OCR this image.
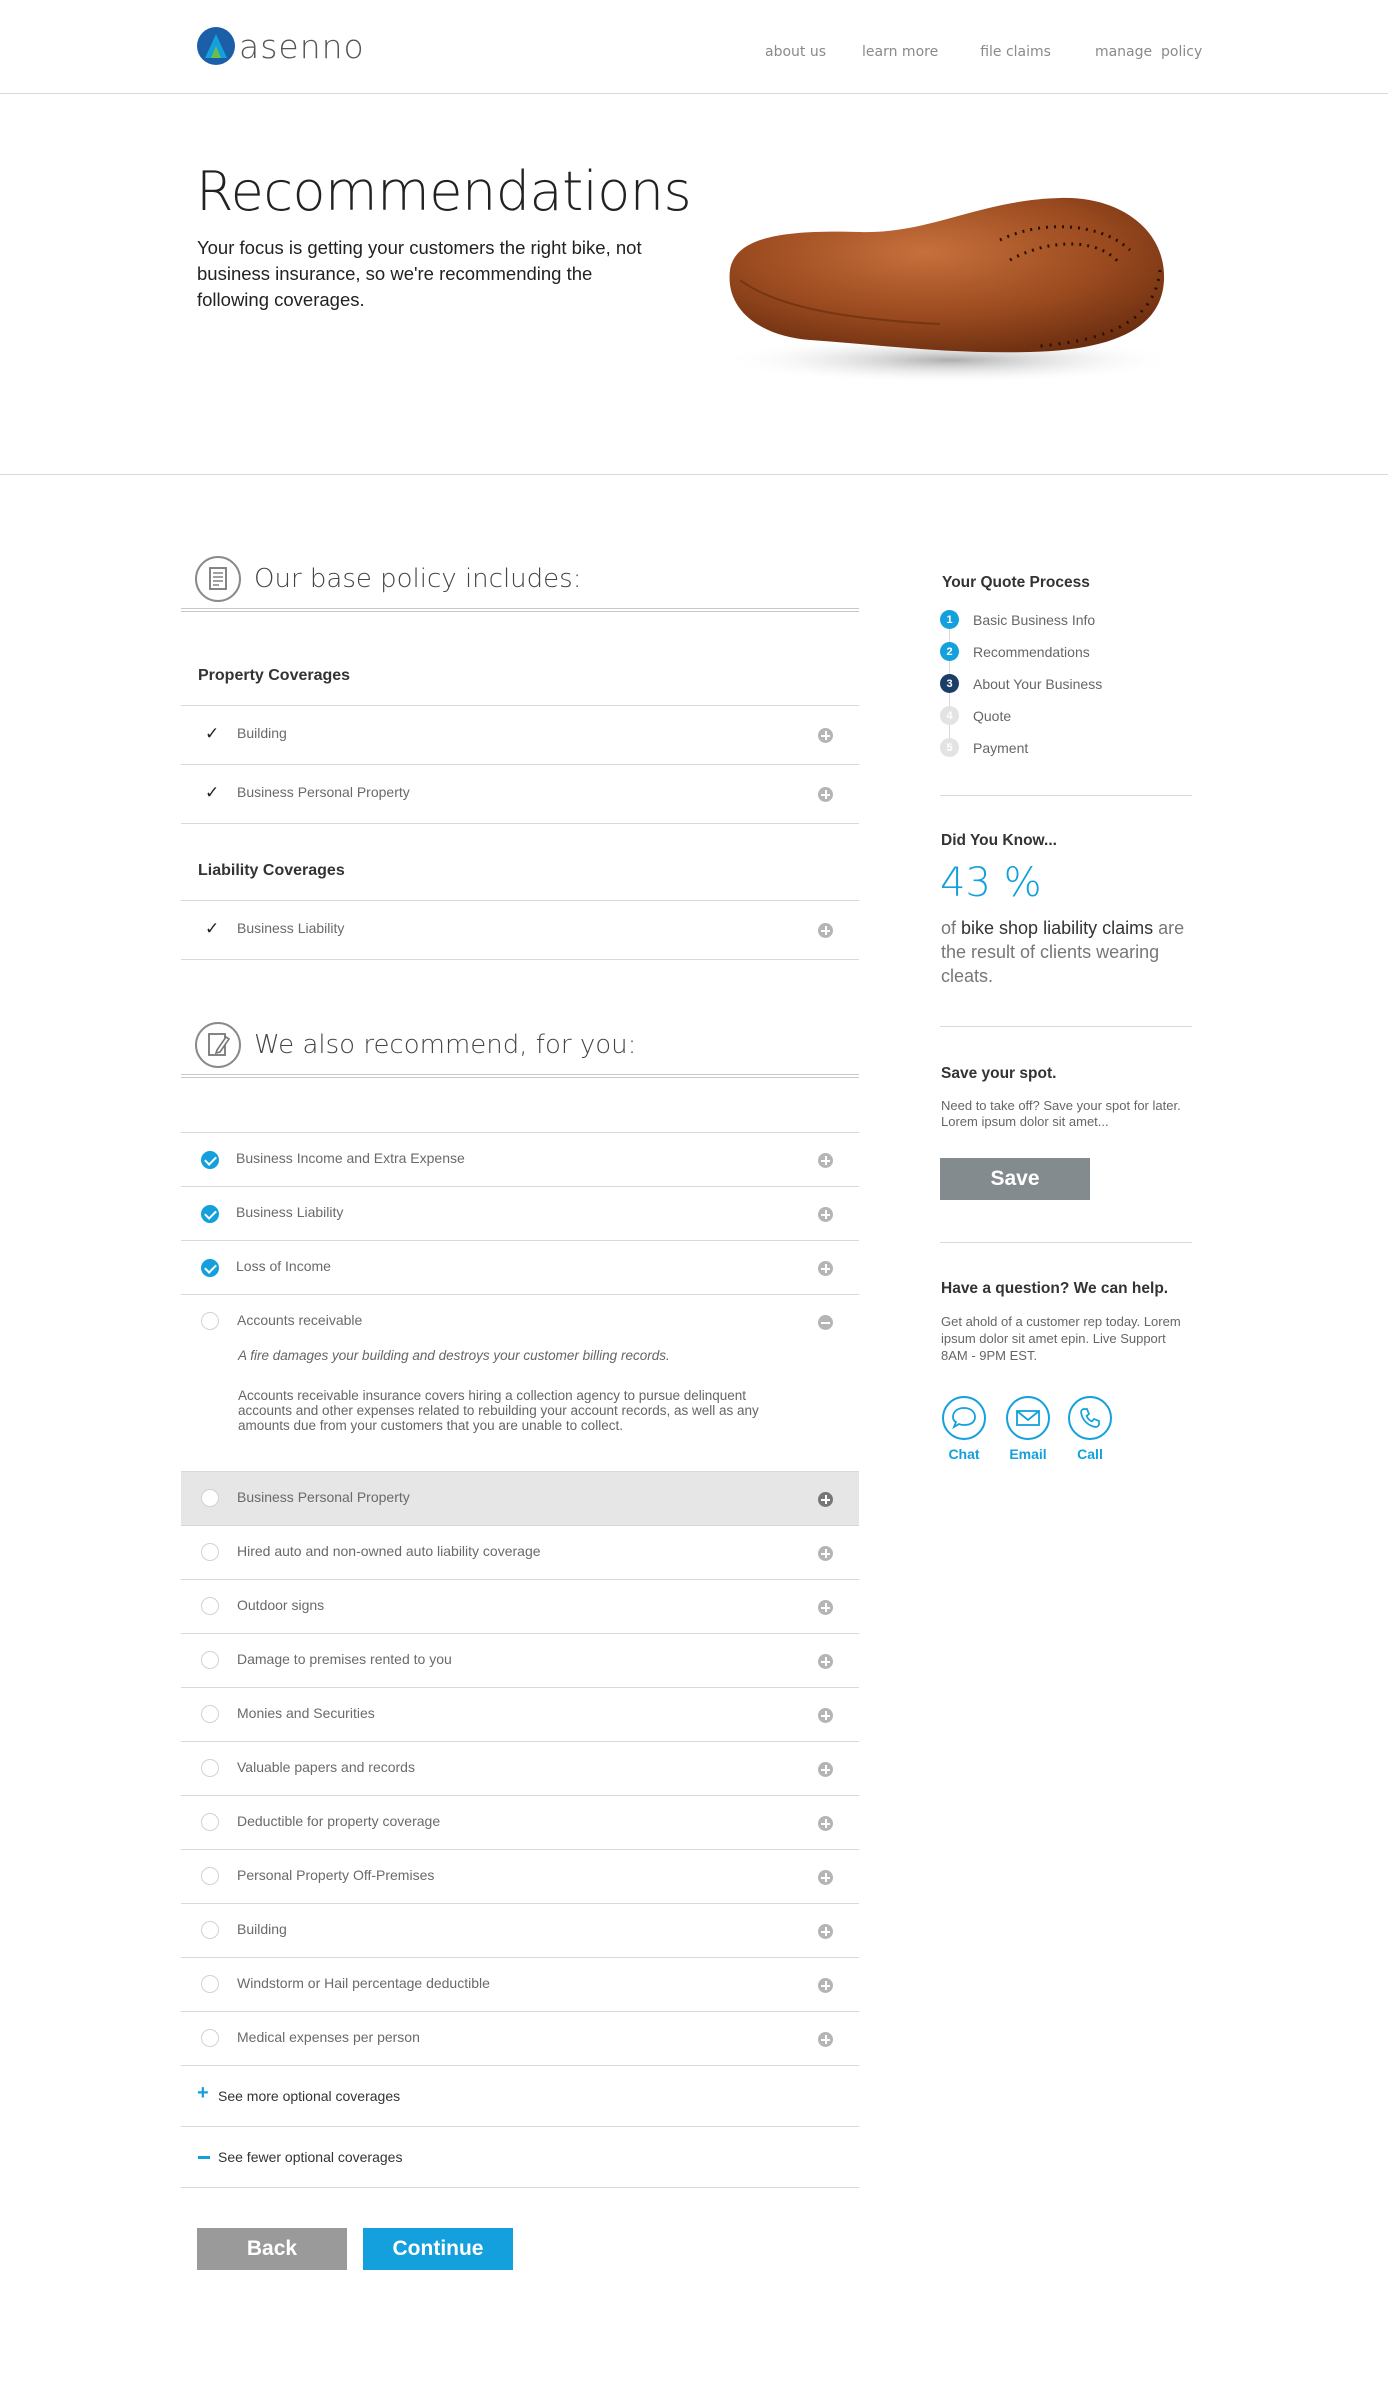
asenno	about us	learn more	file claims	manage  policy
Recommendations

Your focus is getting your customers the right bike, not business insurance, so we're recommending the following coverages.

Our base policy includes:
Property Coverages
✓ Building
✓ Business Personal Property
Liability Coverages
✓ Business Liability
We also recommend, for you:
Business Income and Extra Expense
Business Liability
Loss of Income
Accounts receivable

A fire damages your building and destroys your customer billing records.

Accounts receivable insurance covers hiring a collection agency to pursue delinquent accounts and other expenses related to rebuilding your account records, as well as any amounts due from your customers that you are unable to collect.

Business Personal Property
Hired auto and non-owned auto liability coverage
Outdoor signs
Damage to premises rented to you
Monies and Securities
Valuable papers and records
Deductible for property coverage
Personal Property Off-Premises
Building
Windstorm or Hail percentage deductible
Medical expenses per person
+ See more optional coverages
See fewer optional coverages
Back	Continue
Your Quote Process
1	Basic Business Info
2	Recommendations
3	About Your Business
4	Quote
5	Payment
Did You Know...
43 %

of bike shop liability claims are the result of clients wearing cleats.

Save your spot.

Need to take off? Save your spot for later. Lorem ipsum dolor sit amet...

Save
Have a question? We can help.

Get ahold of a customer rep today. Lorem ipsum dolor sit amet epin. Live Support 8AM - 9PM EST.

Chat	Email	Call
